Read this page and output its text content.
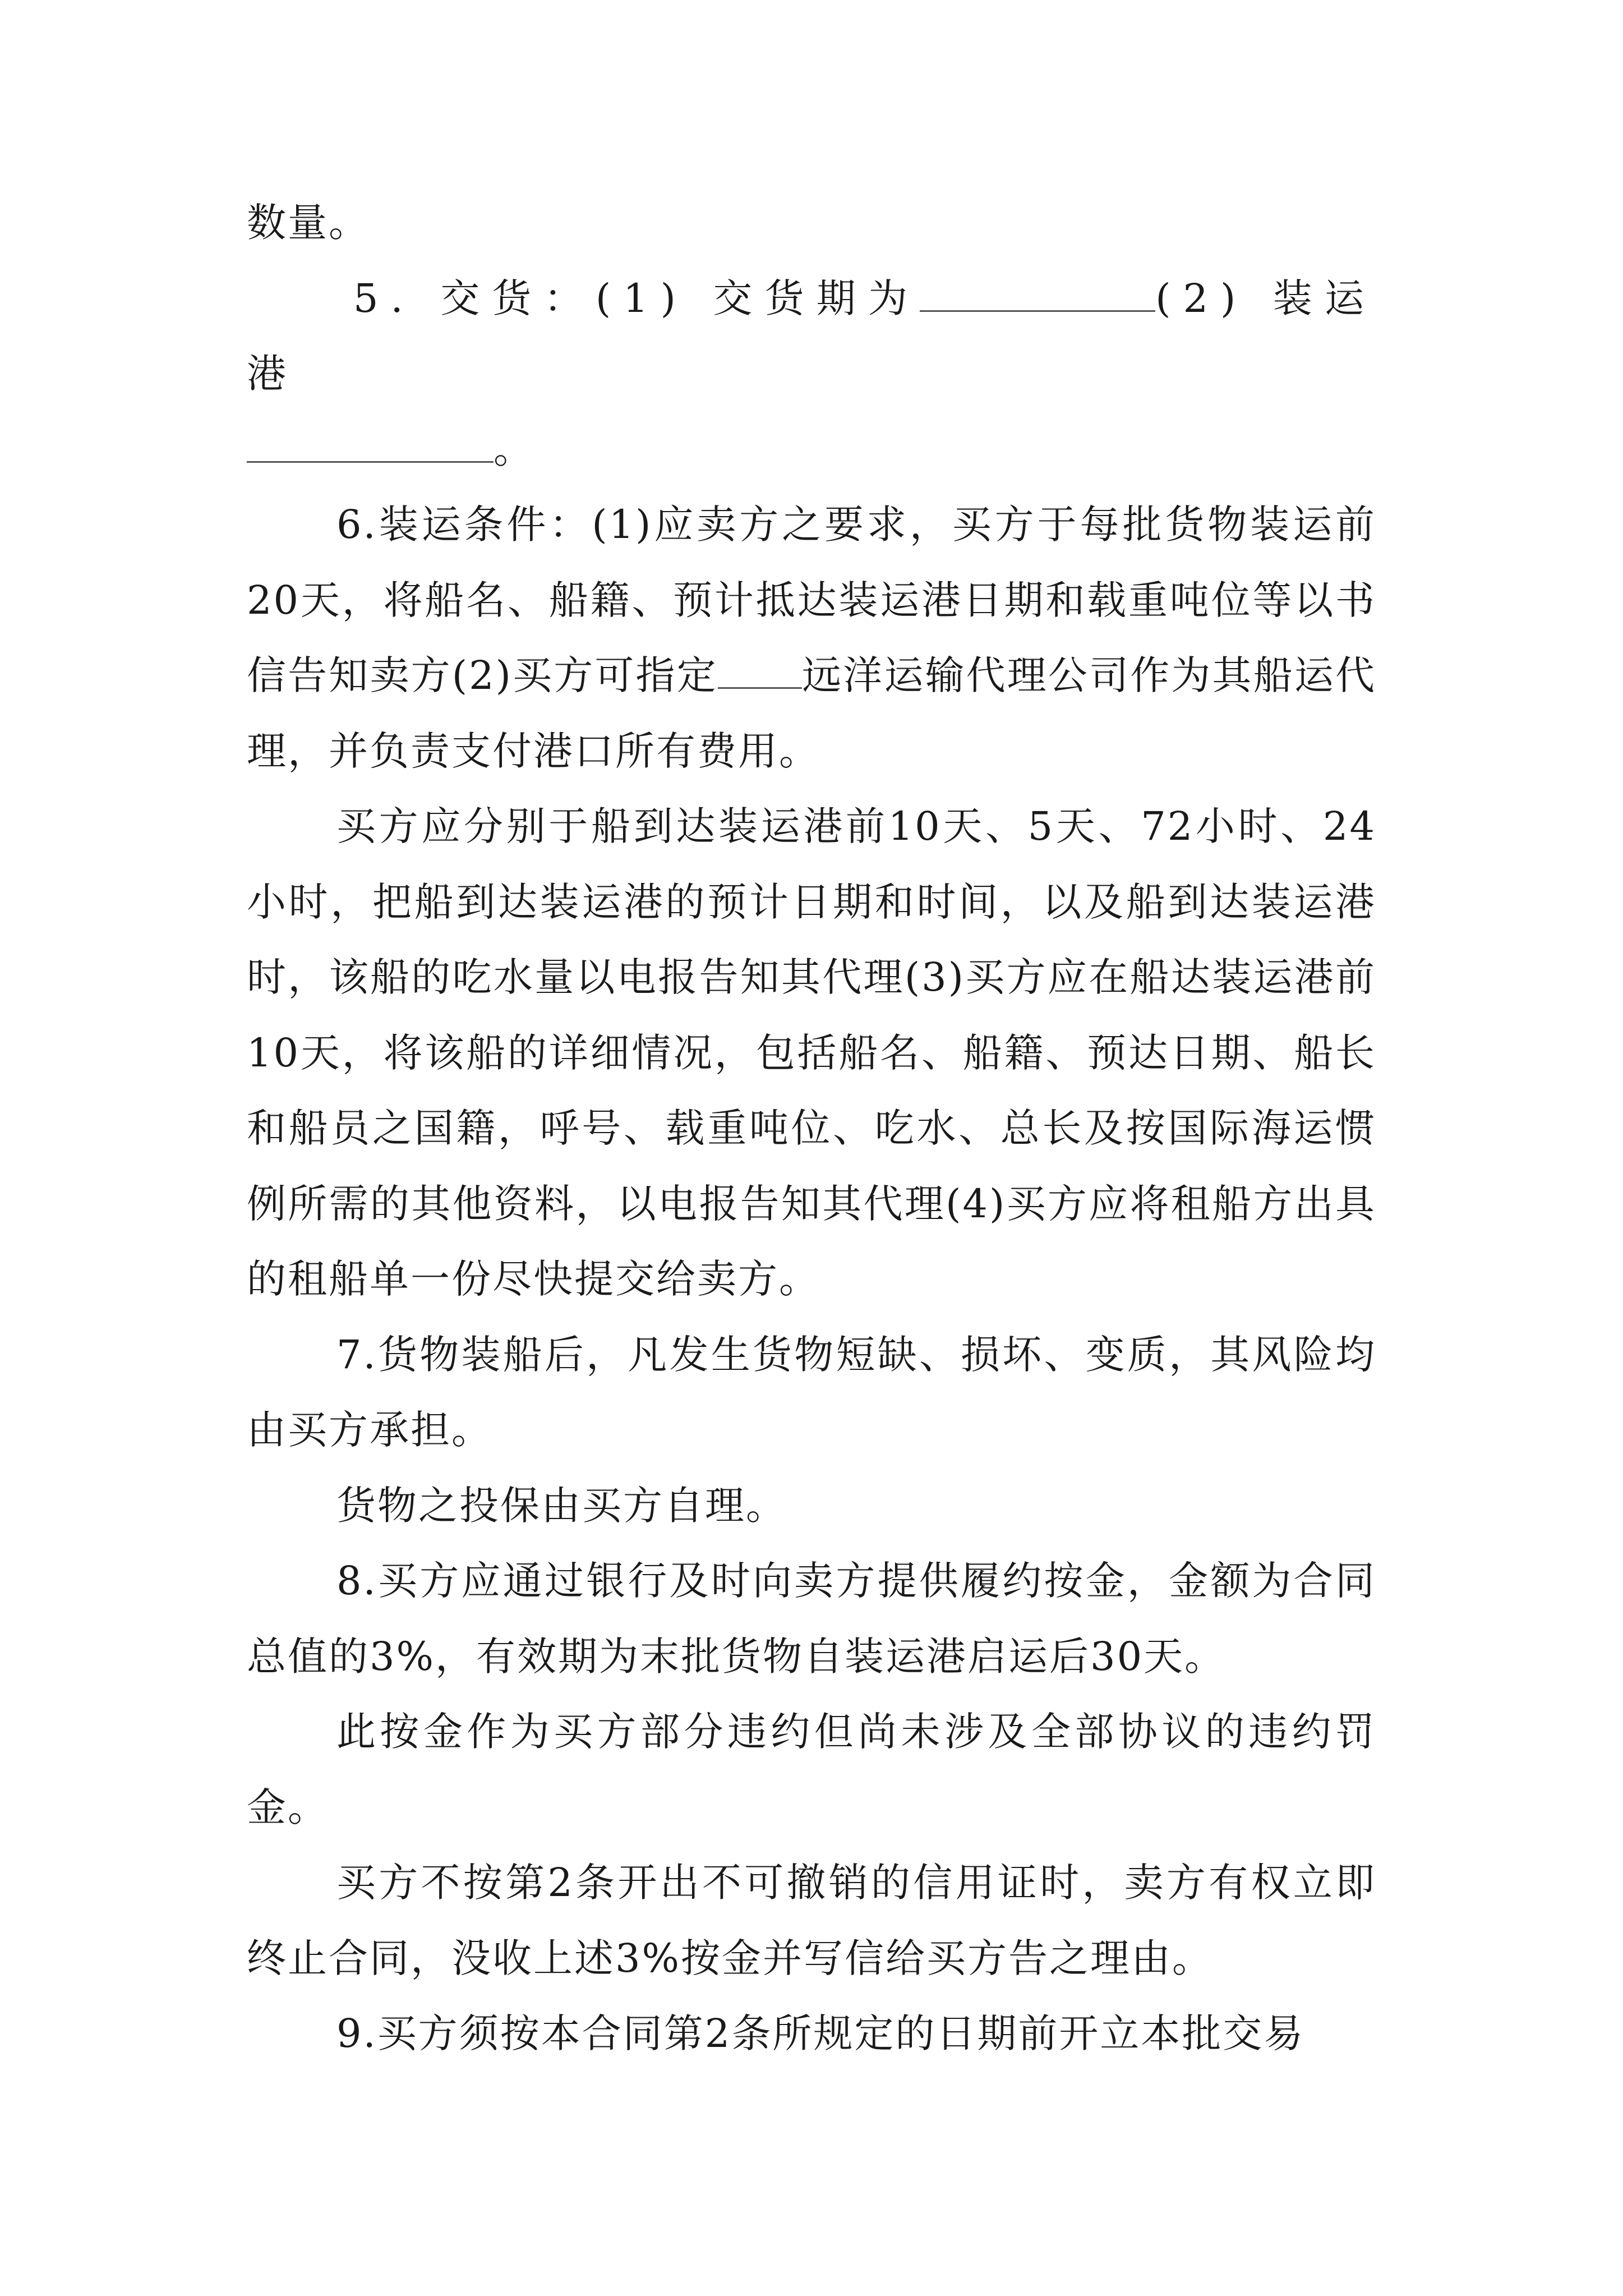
数量。

5. 交货：(1) 交货期为	(2) 装运港

。

6.装运条件：(1)应卖方之要求，买方于每批货物装运前20天，将船名、船籍、预计抵达装运港日期和载重吨位等以书信告知卖方(2)买方可指定 远洋运输代理公司作为其船运代理，并负责支付港口所有费用。

买方应分别于船到达装运港前10天、5天、72小时、24小时，把船到达装运港的预计日期和时间，以及船到达装运港时，该船的吃水量以电报告知其代理(3)买方应在船达装运港前10天，将该船的详细情况，包括船名、船籍、预达日期、船长和船员之国籍，呼号、载重吨位、吃水、总长及按国际海运惯例所需的其他资料，以电报告知其代理(4)买方应将租船方出具的租船单一份尽快提交给卖方。

7.货物装船后，凡发生货物短缺、损坏、变质，其风险均由买方承担。

货物之投保由买方自理。

8.买方应通过银行及时向卖方提供履约按金，金额为合同总值的3%，有效期为末批货物自装运港启运后30天。

此按金作为买方部分违约但尚未涉及全部协议的违约罚金。

买方不按第2条开出不可撤销的信用证时，卖方有权立即终止合同，没收上述3%按金并写信给买方告之理由。

9.买方须按本合同第2条所规定的日期前开立本批交易
